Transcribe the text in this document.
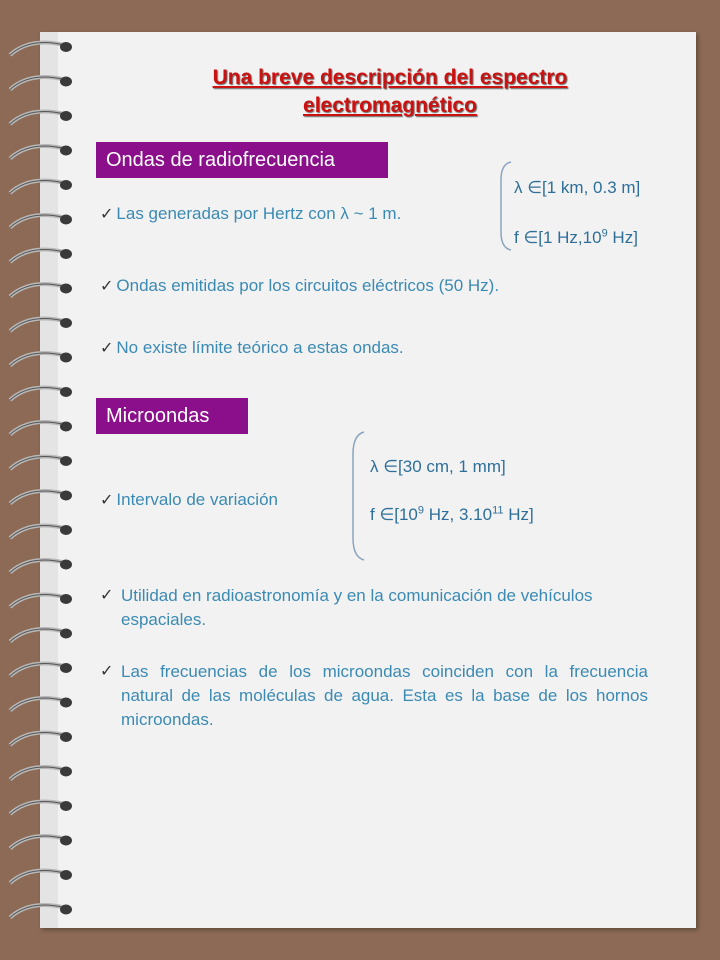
Una breve descripción del espectro
electromagnético
Ondas de radiofrecuencia
λ ∈[1 km, 0.3 m]
f ∈[1 $Hz,10^9$ Hz]
✓ Las generadas por Hertz con λ ~ 1 m.
✓ Ondas emitidas por los circuitos eléctricos (50 Hz).
✓ No existe límite teórico a estas ondas.
Microondas
λ ∈[30 cm, 1 mm]
f $\in[10^9$ Hz, 3.10$^{11}$ Hz]
✓ Intervalo de variación
✓ Utilidad en radioastronomía y en la comunicación de vehículos espaciales.
✓ Las frecuencias de los microondas coinciden con la frecuencia natural de las moléculas de agua. Esta es la base de los hornos microondas.
